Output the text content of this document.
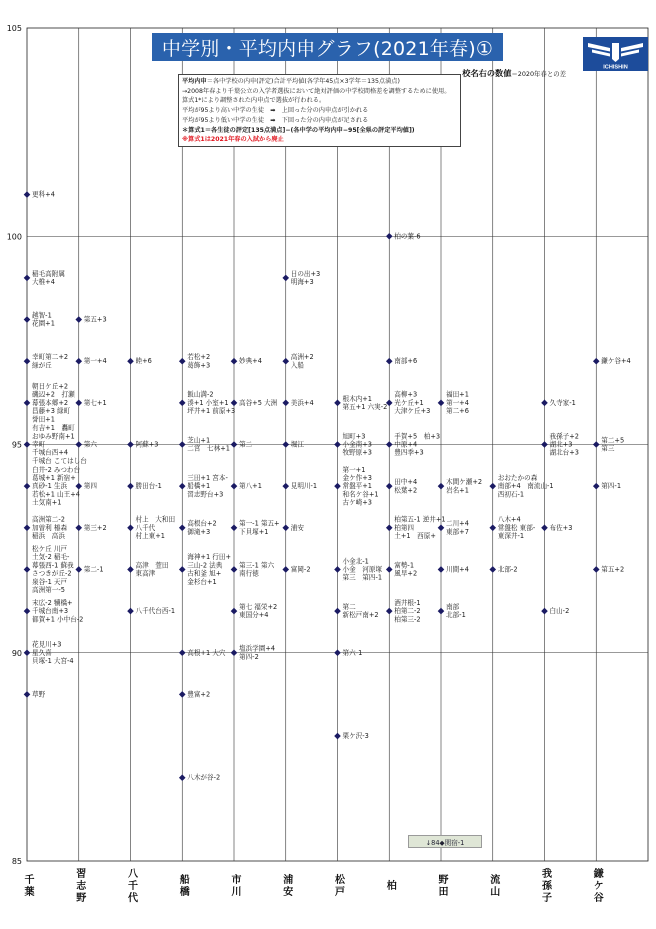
105
100
95
90
85
更科+4
稲毛高附属
大椎+4
越智-1
花園+1
幸町第二+2
緑が丘
朝日ケ丘+2
磯辺+2　打瀬
幕張本郷+2
昌藤+3 緑町
誉田+1
有吉+1　轟町
おゆみ野南+1
幸町
千城台西+4
千城台 こてはし台
白井-2 みつわ台
葛城+1 新宿+
真砂-1 生浜
若松+1 山王+4
土気南+1
高洲第二-2
加曽利 椿森
稲浜　高浜
松ケ丘 川戸
土気-2 稲毛-
幕張西-1 蘇我
さつきが丘-2
泉谷-1 天戸
高洲第一-5
末広-2 犢橋+
千城台南+3
都賀+1 小中台-2
花見川+3
星久喜
貝塚-1 大宮-4
草野
第五+3
第一+4
第七+1
第六
第四
第三+2
第二-1
睦+6
阿蘇+3
勝田台-1
村上　大和田
八千代
村上東+1
高津　萱田
東高津
八千代台西-1
若松+2
葛飾+3
飯山満-2
湊+1 小室+1
坪井+1 前原+3
芝山+1
二宮　七林+1
三田+1 宮本-
船橋+1
習志野台+3
高根台+2
御滝+3
海神+1 行田+
三山-2 法典
古和釜 旭+
金杉台+1
高根+1 大穴
豊富+2
八木が谷-2
妙典+4
高谷+5 大洲
第二
第八+1
第一-1 第五+
下貝塚+1
第三-1 第六
南行徳
第七 福栄+2
東国分+4
塩浜学園+4
第四-2
日の出+3
明海+3
高洲+2
入船
美浜+4
堀江
見明川-1
浦安
富岡-2
根木内+1
第五+1 六実-2
旭町+3
小金南+3
牧野原+3
第一+1
金ケ作+3
常盤平+1
和名ケ谷+1
古ケ崎+3
小金北-1
小金　河原塚
第三　第四-1
第二
新松戸南+2
第六-1
栗ケ沢-3
柏の葉-6
南部+6
高柳+3
光ケ丘+1
大津ケ丘+3
手賀+5　柏+3
中原+4
豊四季+3
田中+4
松葉+2
柏第五-1 逆井+1
柏第四
土+1　西原+
富勢-1
風早+2
酒井根-1
柏第二-2
柏第三-2
福田+1
第一+4
第二+6
木間ケ瀬+2
岩名+1
二川+4
東部+7
川間+4
南部
北部-1
おおたかの森
南部+4　南流山-1
西初石-1
八木+4
常盤松 東部-
東深井-1
北部-2
久寺家-1
我孫子+2
湖北+3
湖北台+3
布佐+3
白山-2
鎌ケ谷+4
第二+5
第三
第四-1
第五+2
中学別・平均内申グラフ(2021年春)①
ICHISHIN
校名右の数値＝2020年春との差
平均内申＝各中学校の内申(評定)合計平均値(各学年45点×3学年＝135点満点)
→2008年春より千葉公立の入学者選抜において絶対評価の中学校間格差を調整するために使用。
算式1*により調整された内申点で選抜が行われる。
平均が95より高い中学の生徒　➡　上回った分の内申点が引かれる
平均が95より低い中学の生徒　➡　下回った分の内申点が足される
＊算式1＝各生徒の評定[135点満点]−(各中学の平均内申−95[全県の評定平均値])
※算式1は2021年春の入試から廃止
↓84◆関宿-1
千葉	習志野	八千代	船橋	市川	浦安	松戸	柏	野田	流山	我孫子	鎌ケ谷
